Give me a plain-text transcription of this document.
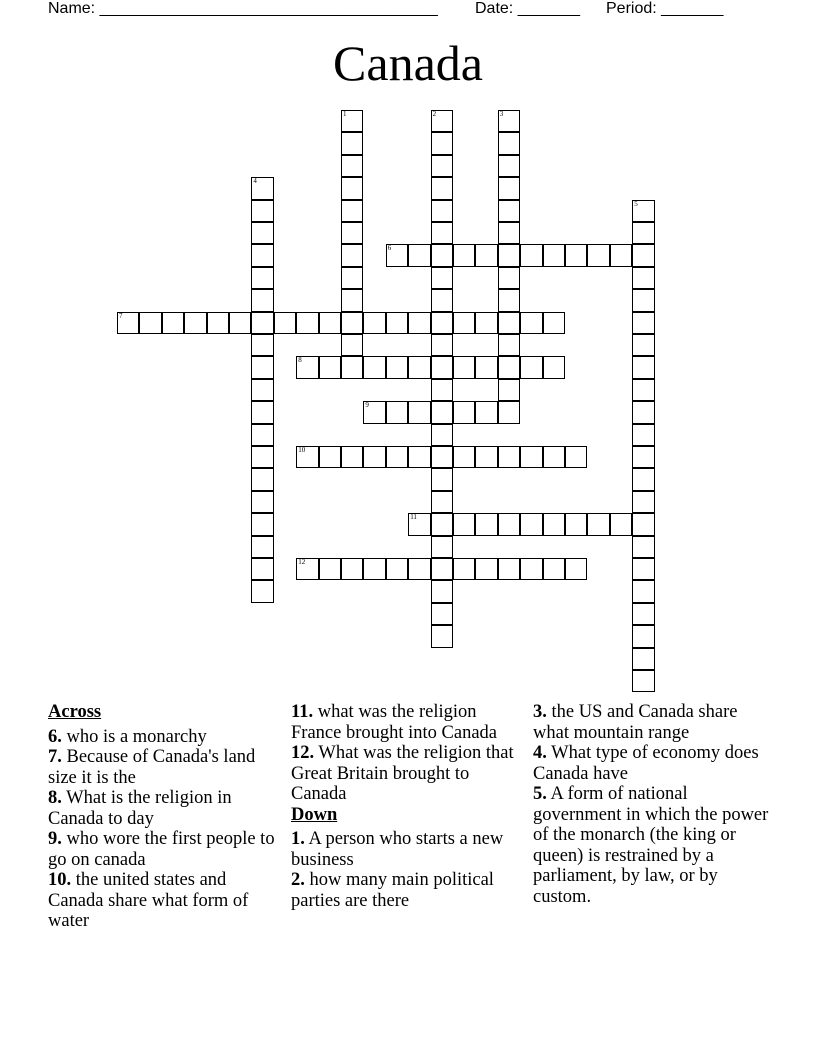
Name: ______________________________________ Date: _______ Period: _______
Canada
1	2	3
4
5
6
7
8
9
10
11
12
Across

6. who is a monarchy

7. Because of Canada's land size it is the

8. What is the religion in Canada to day

9. who wore the first people to go on canada

10. the united states and Canada share what form of water

11. what was the religion France brought into Canada

12. What was the religion that Great Britain brought to Canada

Down

1. A person who starts a new business

2. how many main political parties are there

3. the US and Canada share what mountain range

4. What type of economy does Canada have

5. A form of national government in which the power of the monarch (the king or queen) is restrained by a parliament, by law, or by custom.
